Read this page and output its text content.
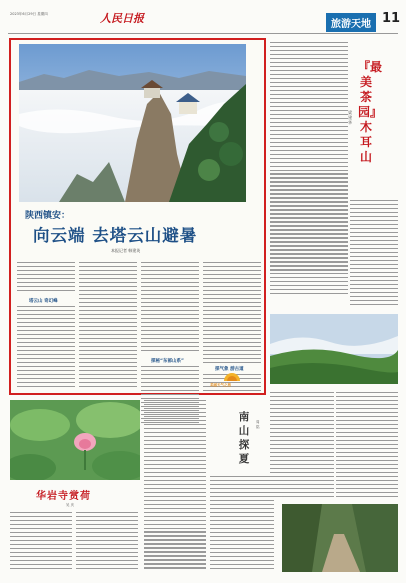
2023年6月29日 星期四	人民日报	旅游天地 11
陕西镇安：
向云端 去塔云山避暑
本报记者 韩建英
塔云山 奇幻峰
探秘“东部山系”
探气象 游古道
美丽天气之旅
『最美茶园』木耳山
梁建华
华岩寺赏荷
吴 庆
南山探夏
周铭
